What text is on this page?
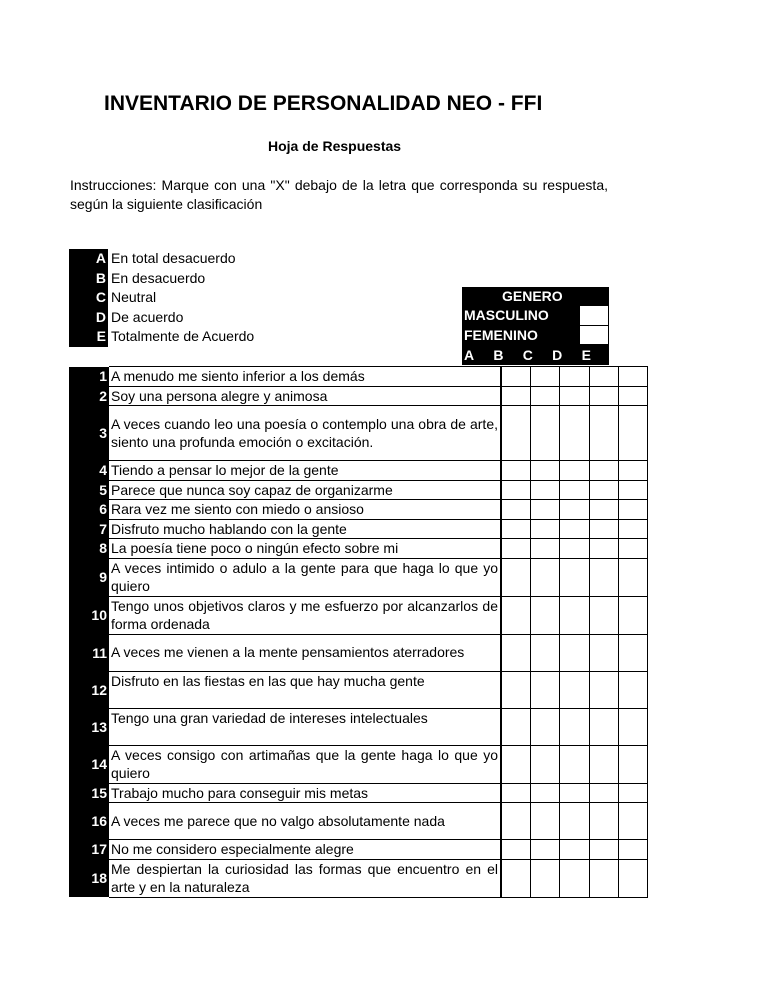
INVENTARIO DE PERSONALIDAD NEO - FFI
Hoja de Respuestas
Instrucciones: Marque con una "X" debajo de la letra que corresponda su respuesta, según la siguiente clasificación
A En total desacuerdo
B En desacuerdo
C Neutral
D De acuerdo
E Totalmente de Acuerdo
GENERO
MASCULINO
FEMENINO
A	B	C	D	E
1	A menudo me siento inferior a los demás					
2	Soy una persona alegre y animosa					
3	A veces cuando leo una poesía o contemplo una obra de arte, siento una profunda emoción o excitación.					
4	Tiendo a pensar lo mejor de la gente					
5	Parece que nunca soy capaz de organizarme					
6	Rara vez me siento con miedo o ansioso					
7	Disfruto mucho hablando con la gente					
8	La poesía tiene poco o ningún efecto sobre mi					
9	A veces intimido o adulo a la gente para que haga lo que yo quiero					
10	Tengo unos objetivos claros y me esfuerzo por alcanzarlos de forma ordenada					
11	A veces me vienen a la mente pensamientos aterradores					
12	Disfruto en las fiestas en las que hay mucha gente					
13	Tengo una gran variedad de intereses intelectuales					
14	A veces consigo con artimañas que la gente haga lo que yo quiero					
15	Trabajo mucho para conseguir mis metas					
16	A veces me parece que no valgo absolutamente nada					
17	No me considero especialmente alegre					
18	Me despiertan la curiosidad las formas que encuentro en el arte y en la naturaleza					
